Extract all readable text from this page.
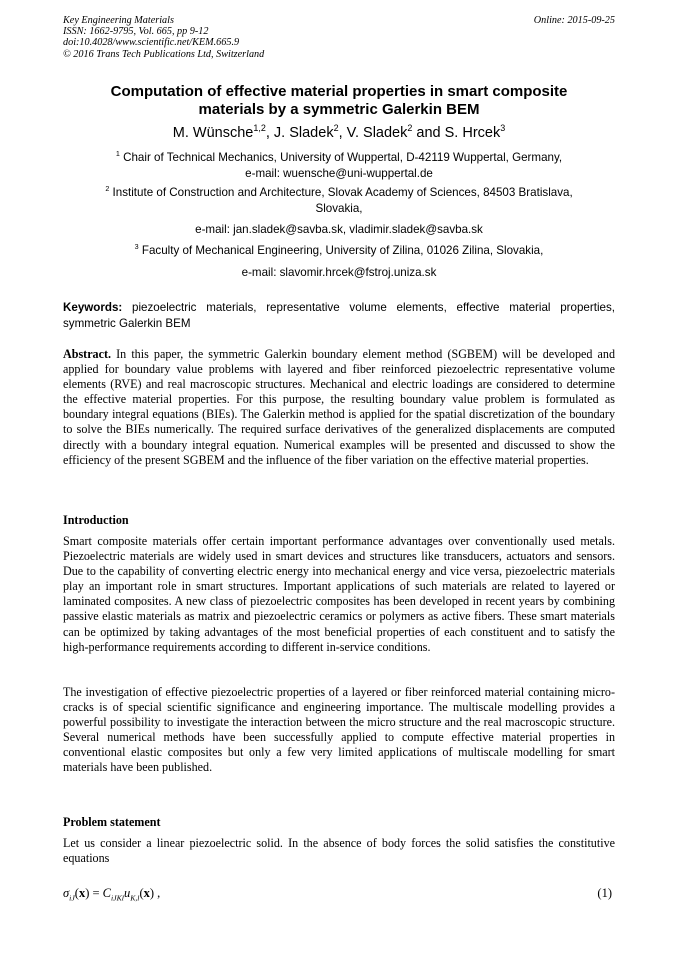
Key Engineering Materials
ISSN: 1662-9795, Vol. 665, pp 9-12
doi:10.4028/www.scientific.net/KEM.665.9
© 2016 Trans Tech Publications Ltd, Switzerland
Online: 2015-09-25
Computation of effective material properties in smart composite
materials by a symmetric Galerkin BEM
M. Wünsche$^{1,2}$, J. Sladek$^2$, V. Sladek$^2$ and S. Hrcek$^3$
$^1$ Chair of Technical Mechanics, University of Wuppertal, D-42119 Wuppertal, Germany,
e-mail: wuensche@uni-wuppertal.de
$^2$ Institute of Construction and Architecture, Slovak Academy of Sciences, 84503 Bratislava,
Slovakia,
e-mail: jan.sladek@savba.sk, vladimir.sladek@savba.sk
$^3$ Faculty of Mechanical Engineering, University of Zilina, 01026 Zilina, Slovakia,
e-mail: slavomir.hrcek@fstroj.uniza.sk
Keywords: piezoelectric materials, representative volume elements, effective material properties, symmetric Galerkin BEM
Abstract. In this paper, the symmetric Galerkin boundary element method (SGBEM) will be developed and applied for boundary value problems with layered and fiber reinforced piezoelectric representative volume elements (RVE) and real macroscopic structures. Mechanical and electric loadings are considered to determine the effective material properties. For this purpose, the resulting boundary value problem is formulated as boundary integral equations (BIEs). The Galerkin method is applied for the spatial discretization of the boundary to solve the BIEs numerically. The required surface derivatives of the generalized displacements are computed directly with a boundary integral equation. Numerical examples will be presented and discussed to show the efficiency of the present SGBEM and the influence of the fiber variation on the effective material properties.
Introduction
Smart composite materials offer certain important performance advantages over conventionally used metals. Piezoelectric materials are widely used in smart devices and structures like transducers, actuators and sensors. Due to the capability of converting electric energy into mechanical energy and vice versa, piezoelectric materials play an important role in smart structures. Important applications of such materials are related to layered or laminated composites. A new class of piezoelectric composites has been developed in recent years by combining passive elastic materials as matrix and piezoelectric ceramics or polymers as active fibers. These smart materials can be optimized by taking advantages of the most beneficial properties of each constituent and to satisfy the high-performance requirements according to different in-service conditions.
The investigation of effective piezoelectric properties of a layered or fiber reinforced material containing micro-cracks is of special scientific significance and engineering importance. The multiscale modelling provides a powerful possibility to investigate the interaction between the micro structure and the real macroscopic structure. Several numerical methods have been successfully applied to compute effective material properties in conventional elastic composites but only a few very limited applications of multiscale modelling for smart materials have been published.
Problem statement
Let us consider a linear piezoelectric solid. In the absence of body forces the solid satisfies the constitutive equations
$\sigma_{iJ}(x) = C_{iJKl}u_{K,l}(x)$ ,	(1)
